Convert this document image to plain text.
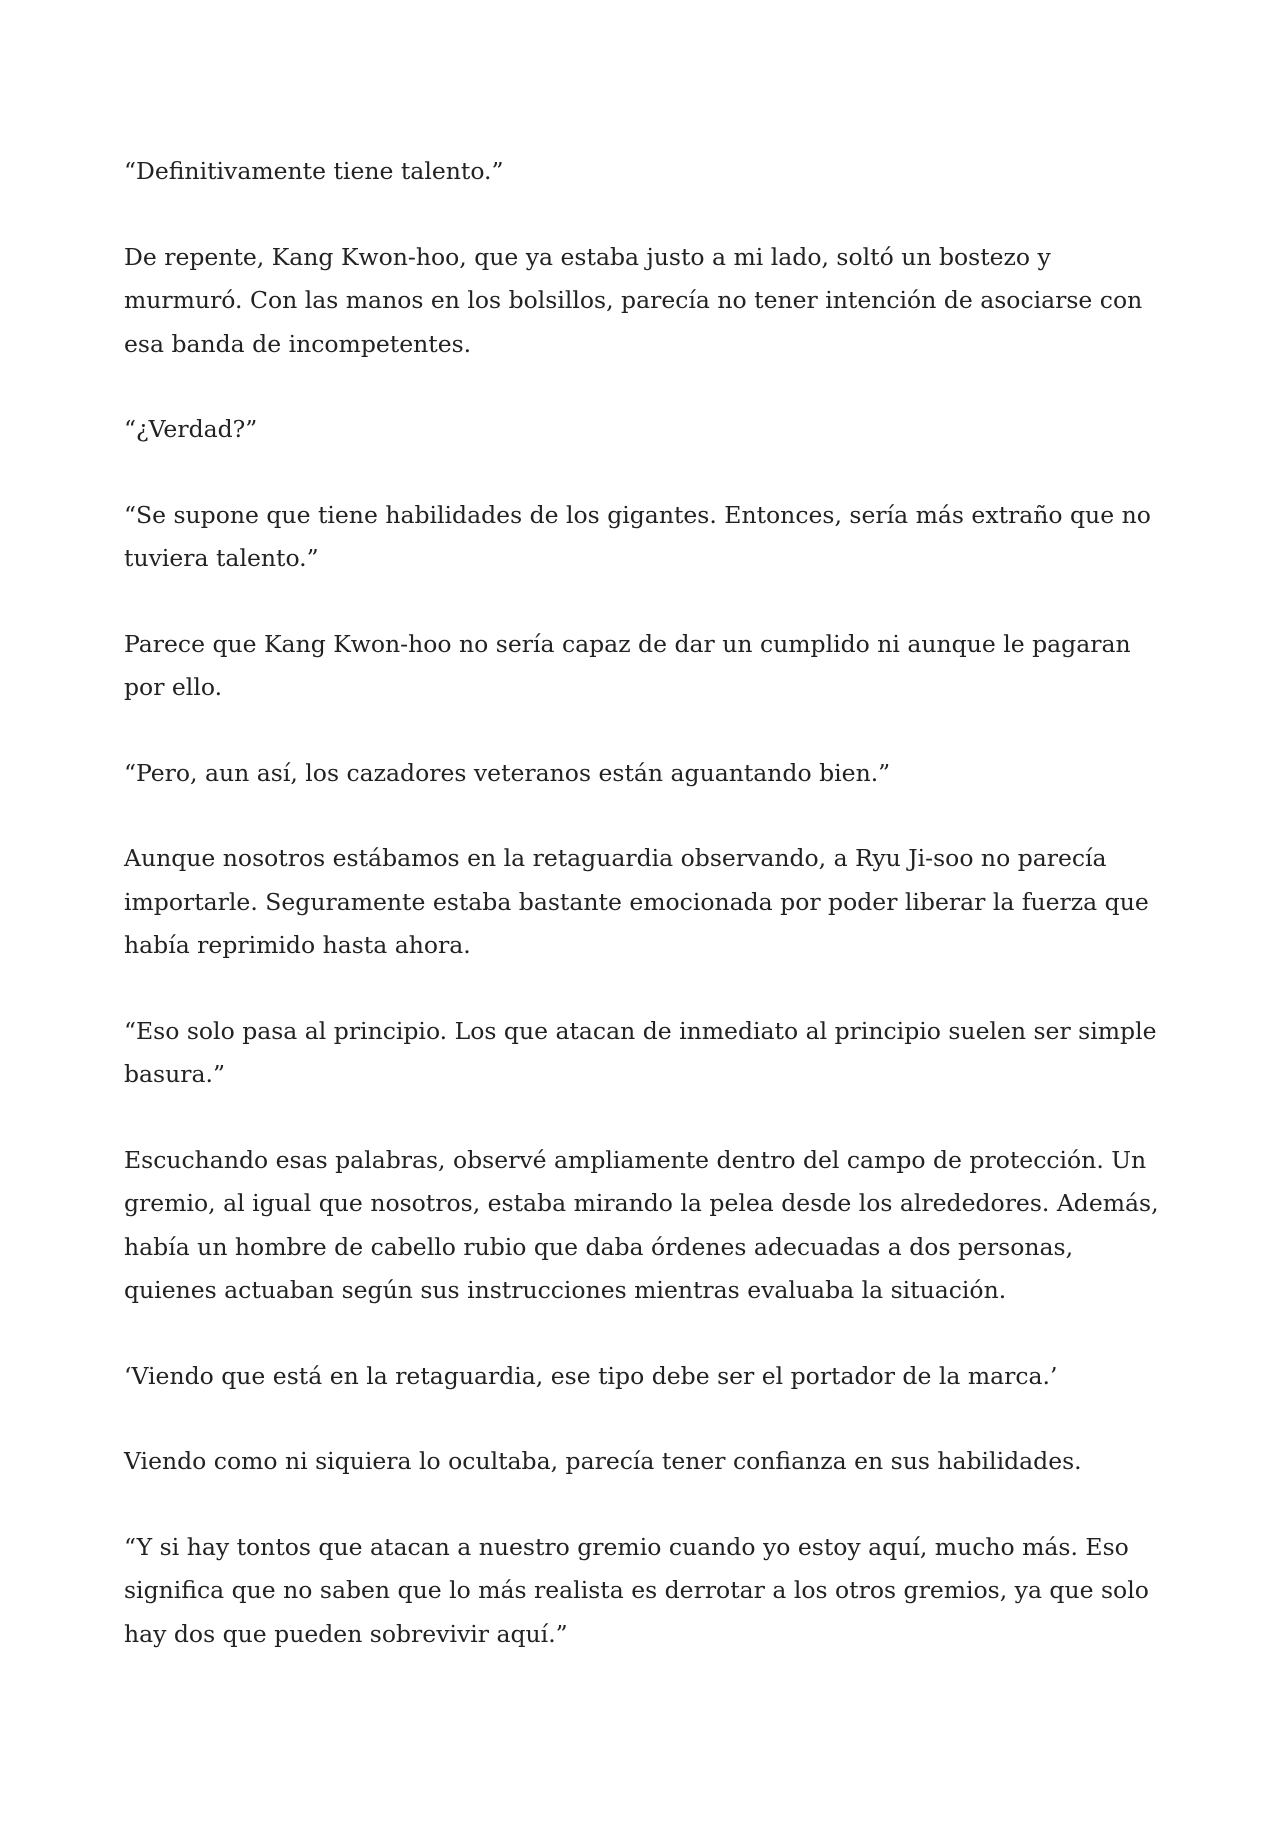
“Definitivamente tiene talento.”

De repente, Kang Kwon-hoo, que ya estaba justo a mi lado, soltó un bostezo y murmuró. Con las manos en los bolsillos, parecía no tener intención de asociarse con esa banda de incompetentes.

“¿Verdad?”

“Se supone que tiene habilidades de los gigantes. Entonces, sería más extraño que no tuviera talento.”

Parece que Kang Kwon-hoo no sería capaz de dar un cumplido ni aunque le pagaran por ello.

“Pero, aun así, los cazadores veteranos están aguantando bien.”

Aunque nosotros estábamos en la retaguardia observando, a Ryu Ji-soo no parecía importarle. Seguramente estaba bastante emocionada por poder liberar la fuerza que había reprimido hasta ahora.

“Eso solo pasa al principio. Los que atacan de inmediato al principio suelen ser simple basura.”

Escuchando esas palabras, observé ampliamente dentro del campo de protección. Un gremio, al igual que nosotros, estaba mirando la pelea desde los alrededores. Además, había un hombre de cabello rubio que daba órdenes adecuadas a dos personas, quienes actuaban según sus instrucciones mientras evaluaba la situación.

‘Viendo que está en la retaguardia, ese tipo debe ser el portador de la marca.’

Viendo como ni siquiera lo ocultaba, parecía tener confianza en sus habilidades.

“Y si hay tontos que atacan a nuestro gremio cuando yo estoy aquí, mucho más. Eso significa que no saben que lo más realista es derrotar a los otros gremios, ya que solo hay dos que pueden sobrevivir aquí.”
